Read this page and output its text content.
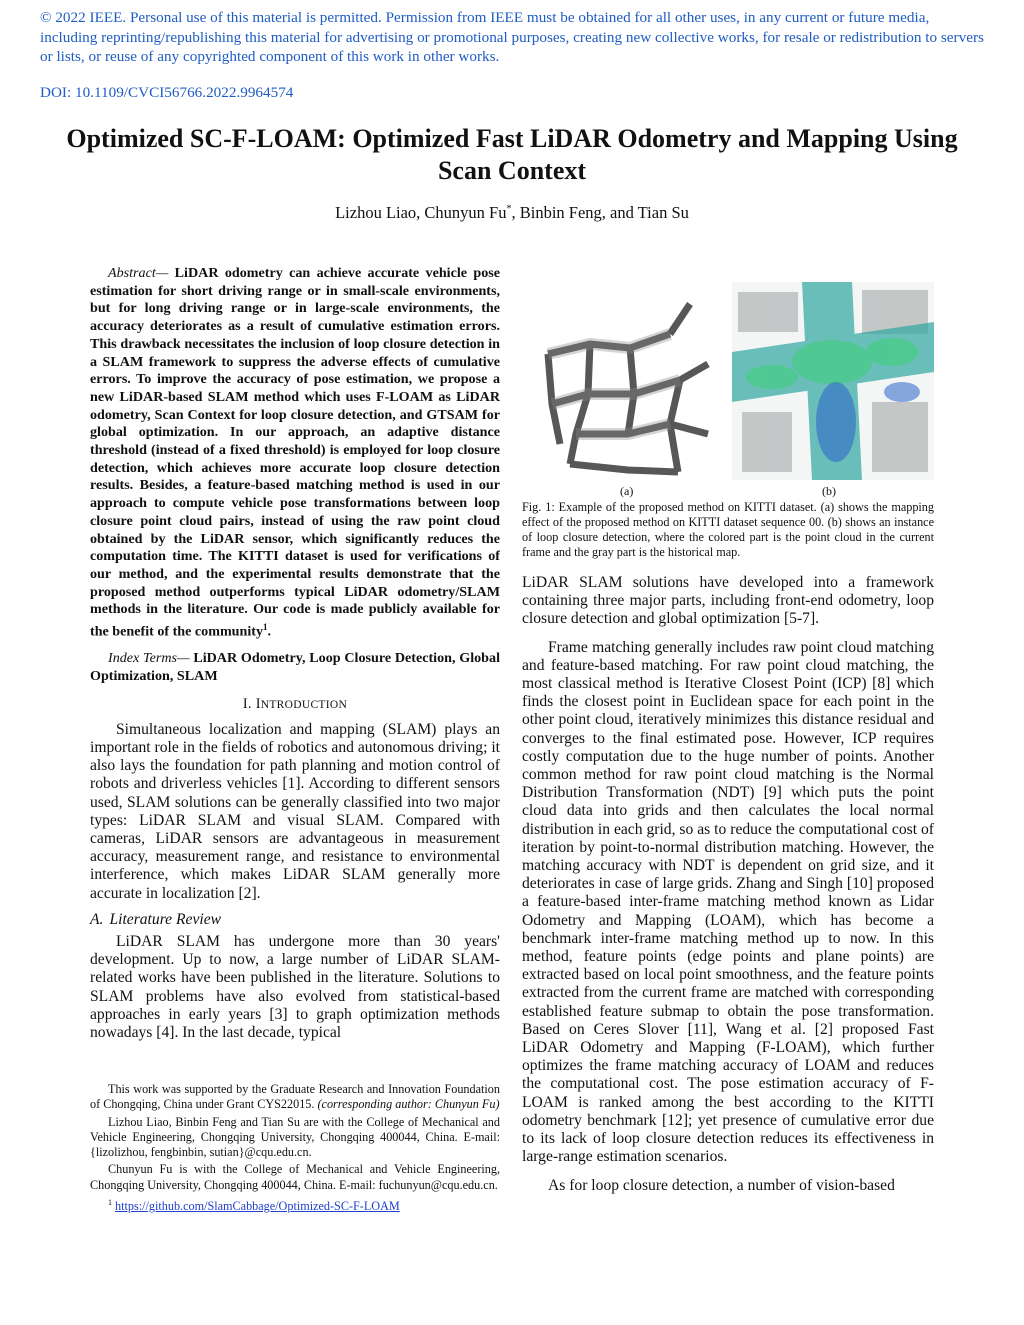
© 2022 IEEE. Personal use of this material is permitted. Permission from IEEE must be obtained for all other uses, in any current or future media, including reprinting/republishing this material for advertising or promotional purposes, creating new collective works, for resale or redistribution to servers or lists, or reuse of any copyrighted component of this work in other works.
DOI: 10.1109/CVCI56766.2022.9964574
Optimized SC-F-LOAM: Optimized Fast LiDAR Odometry and Mapping Using Scan Context
Lizhou Liao, Chunyun Fu*, Binbin Feng, and Tian Su

Abstract— LiDAR odometry can achieve accurate vehicle pose estimation for short driving range or in small-scale environments, but for long driving range or in large-scale environments, the accuracy deteriorates as a result of cumulative estimation errors. This drawback necessitates the inclusion of loop closure detection in a SLAM framework to suppress the adverse effects of cumulative errors. To improve the accuracy of pose estimation, we propose a new LiDAR-based SLAM method which uses F-LOAM as LiDAR odometry, Scan Context for loop closure detection, and GTSAM for global optimization. In our approach, an adaptive distance threshold (instead of a fixed threshold) is employed for loop closure detection, which achieves more accurate loop closure detection results. Besides, a feature-based matching method is used in our approach to compute vehicle pose transformations between loop closure point cloud pairs, instead of using the raw point cloud obtained by the LiDAR sensor, which significantly reduces the computation time. The KITTI dataset is used for verifications of our method, and the experimental results demonstrate that the proposed method outperforms typical LiDAR odometry/SLAM methods in the literature. Our code is made publicly available for the benefit of the community$^1$.

Index Terms— LiDAR Odometry, Loop Closure Detection, Global Optimization, SLAM

I. INTRODUCTION

Simultaneous localization and mapping (SLAM) plays an important role in the fields of robotics and autonomous driving; it also lays the foundation for path planning and motion control of robots and driverless vehicles [1]. According to different sensors used, SLAM solutions can be generally classified into two major types: LiDAR SLAM and visual SLAM. Compared with cameras, LiDAR sensors are advantageous in measurement accuracy, measurement range, and resistance to environmental interference, which makes LiDAR SLAM generally more accurate in localization [2].

A. Literature Review

LiDAR SLAM has undergone more than 30 years' development. Up to now, a large number of LiDAR SLAM-related works have been published in the literature. Solutions to SLAM problems have also evolved from statistical-based approaches in early years [3] to graph optimization methods nowadays [4]. In the last decade, typical

This work was supported by the Graduate Research and Innovation Foundation of Chongqing, China under Grant CYS22015. (corresponding author: Chunyun Fu)

Lizhou Liao, Binbin Feng and Tian Su are with the College of Mechanical and Vehicle Engineering, Chongqing University, Chongqing 400044, China. E-mail: {lizolizhou, fengbinbin, sutian}@cqu.edu.cn.

Chunyun Fu is with the College of Mechanical and Vehicle Engineering, Chongqing University, Chongqing 400044, China. E-mail: fuchunyun@cqu.edu.cn.

$^1$ https://github.com/SlamCabbage/Optimized-SC-F-LOAM

(a)	(b)

Fig. 1: Example of the proposed method on KITTI dataset. (a) shows the mapping effect of the proposed method on KITTI dataset sequence 00. (b) shows an instance of loop closure detection, where the colored part is the point cloud in the current frame and the gray part is the historical map.

LiDAR SLAM solutions have developed into a framework containing three major parts, including front-end odometry, loop closure detection and global optimization [5-7].

Frame matching generally includes raw point cloud matching and feature-based matching. For raw point cloud matching, the most classical method is Iterative Closest Point (ICP) [8] which finds the closest point in Euclidean space for each point in the other point cloud, iteratively minimizes this distance residual and converges to the final estimated pose. However, ICP requires costly computation due to the huge number of points. Another common method for raw point cloud matching is the Normal Distribution Transformation (NDT) [9] which puts the point cloud data into grids and then calculates the local normal distribution in each grid, so as to reduce the computational cost of iteration by point-to-normal distribution matching. However, the matching accuracy with NDT is dependent on grid size, and it deteriorates in case of large grids. Zhang and Singh [10] proposed a feature-based inter-frame matching method known as Lidar Odometry and Mapping (LOAM), which has become a benchmark inter-frame matching method up to now. In this method, feature points (edge points and plane points) are extracted based on local point smoothness, and the feature points extracted from the current frame are matched with corresponding established feature submap to obtain the pose transformation. Based on Ceres Slover [11], Wang et al. [2] proposed Fast LiDAR Odometry and Mapping (F-LOAM), which further optimizes the frame matching accuracy of LOAM and reduces the computational cost. The pose estimation accuracy of F-LOAM is ranked among the best according to the KITTI odometry benchmark [12]; yet presence of cumulative error due to its lack of loop closure detection reduces its effectiveness in large-range estimation scenarios.

As for loop closure detection, a number of vision-based
